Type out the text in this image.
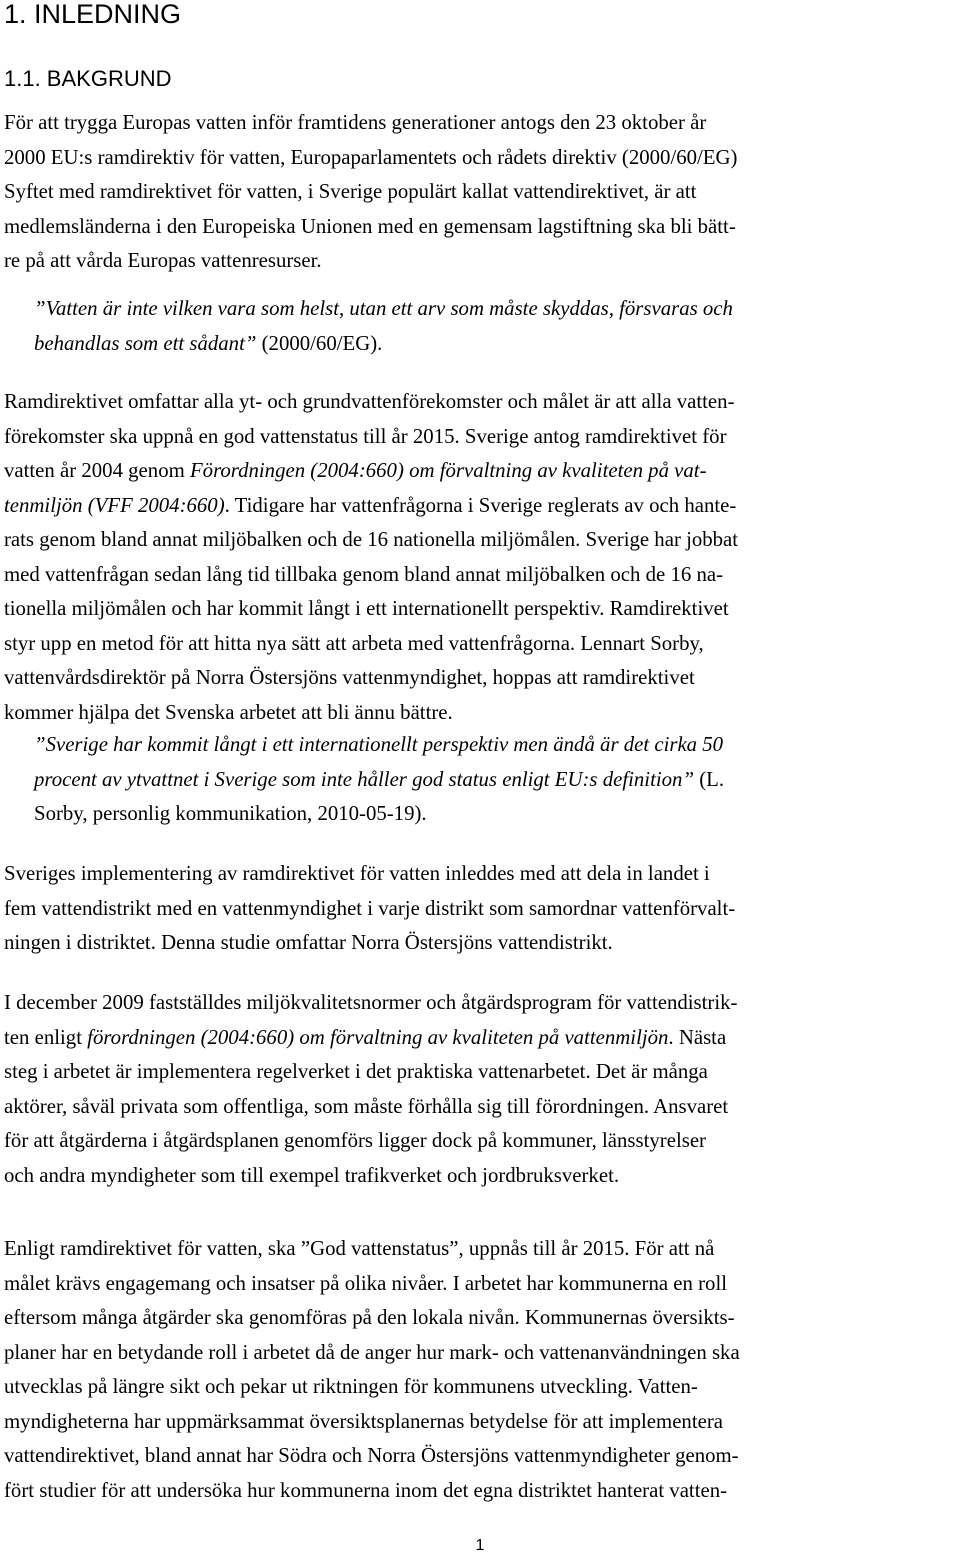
1. INLEDNING
1.1. BAKGRUND
För att trygga Europas vatten inför framtidens generationer antogs den 23 oktober år
2000 EU:s ramdirektiv för vatten, Europaparlamentets och rådets direktiv (2000/60/EG)
Syftet med ramdirektivet för vatten, i Sverige populärt kallat vattendirektivet, är att
medlemsländerna i den Europeiska Unionen med en gemensam lagstiftning ska bli bätt-
re på att vårda Europas vattenresurser.
”Vatten är inte vilken vara som helst, utan ett arv som måste skyddas, försvaras och
behandlas som ett sådant” (2000/60/EG).
Ramdirektivet omfattar alla yt- och grundvattenförekomster och målet är att alla vatten-
förekomster ska uppnå en god vattenstatus till år 2015. Sverige antog ramdirektivet för
vatten år 2004 genom Förordningen (2004:660) om förvaltning av kvaliteten på vat-
tenmiljön (VFF 2004:660). Tidigare har vattenfrågorna i Sverige reglerats av och hante-
rats genom bland annat miljöbalken och de 16 nationella miljömålen. Sverige har jobbat
med vattenfrågan sedan lång tid tillbaka genom bland annat miljöbalken och de 16 na-
tionella miljömålen och har kommit långt i ett internationellt perspektiv. Ramdirektivet
styr upp en metod för att hitta nya sätt att arbeta med vattenfrågorna. Lennart Sorby,
vattenvårdsdirektör på Norra Östersjöns vattenmyndighet, hoppas att ramdirektivet
kommer hjälpa det Svenska arbetet att bli ännu bättre.
”Sverige har kommit långt i ett internationellt perspektiv men ändå är det cirka 50
procent av ytvattnet i Sverige som inte håller god status enligt EU:s definition” (L.
Sorby, personlig kommunikation, 2010-05-19).
Sveriges implementering av ramdirektivet för vatten inleddes med att dela in landet i
fem vattendistrikt med en vattenmyndighet i varje distrikt som samordnar vattenförvalt-
ningen i distriktet. Denna studie omfattar Norra Östersjöns vattendistrikt.
I december 2009 fastställdes miljökvalitetsnormer och åtgärdsprogram för vattendistrik-
ten enligt förordningen (2004:660) om förvaltning av kvaliteten på vattenmiljön. Nästa
steg i arbetet är implementera regelverket i det praktiska vattenarbetet. Det är många
aktörer, såväl privata som offentliga, som måste förhålla sig till förordningen. Ansvaret
för att åtgärderna i åtgärdsplanen genomförs ligger dock på kommuner, länsstyrelser
och andra myndigheter som till exempel trafikverket och jordbruksverket.
Enligt ramdirektivet för vatten, ska ”God vattenstatus”, uppnås till år 2015. För att nå
målet krävs engagemang och insatser på olika nivåer. I arbetet har kommunerna en roll
eftersom många åtgärder ska genomföras på den lokala nivån. Kommunernas översikts-
planer har en betydande roll i arbetet då de anger hur mark- och vattenanvändningen ska
utvecklas på längre sikt och pekar ut riktningen för kommunens utveckling. Vatten-
myndigheterna har uppmärksammat översiktsplanernas betydelse för att implementera
vattendirektivet, bland annat har Södra och Norra Östersjöns vattenmyndigheter genom-
fört studier för att undersöka hur kommunerna inom det egna distriktet hanterat vatten-
1
